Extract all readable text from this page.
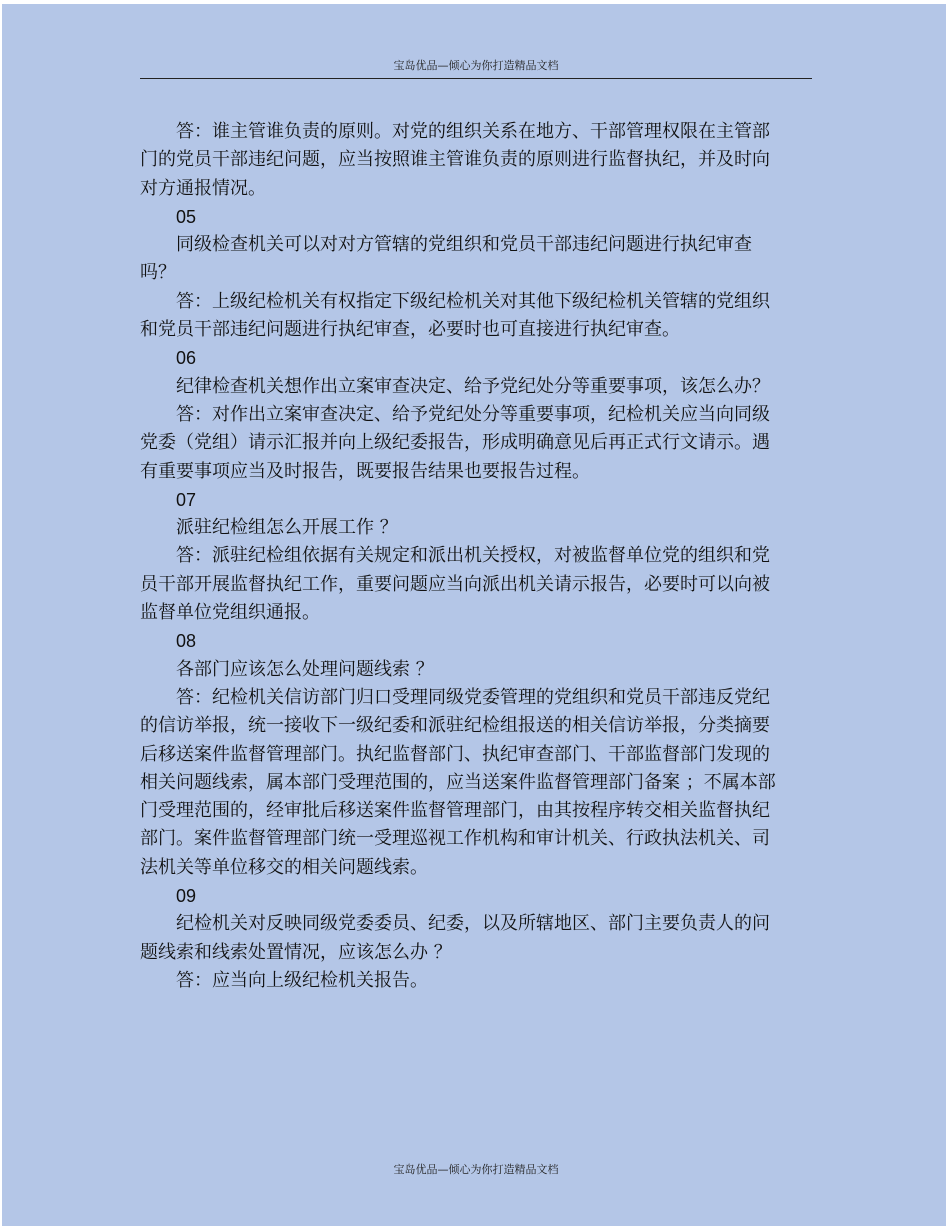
宝岛优品—倾心为你打造精品文档

答：谁主管谁负责的原则。对党的组织关系在地方、干部管理权限在主管部门的党员干部违纪问题，应当按照谁主管谁负责的原则进行监督执纪，并及时向对方通报情况。

05

同级检查机关可以对对方管辖的党组织和党员干部违纪问题进行执纪审查吗？

答：上级纪检机关有权指定下级纪检机关对其他下级纪检机关管辖的党组织和党员干部违纪问题进行执纪审查，必要时也可直接进行执纪审查。

06

纪律检查机关想作出立案审查决定、给予党纪处分等重要事项，该怎么办？

答：对作出立案审查决定、给予党纪处分等重要事项，纪检机关应当向同级党委（党组）请示汇报并向上级纪委报告，形成明确意见后再正式行文请示。遇有重要事项应当及时报告，既要报告结果也要报告过程。

07

派驻纪检组怎么开展工作 ？

答：派驻纪检组依据有关规定和派出机关授权，对被监督单位党的组织和党员干部开展监督执纪工作，重要问题应当向派出机关请示报告，必要时可以向被监督单位党组织通报。

08

各部门应该怎么处理问题线索 ？

答：纪检机关信访部门归口受理同级党委管理的党组织和党员干部违反党纪的信访举报，统一接收下一级纪委和派驻纪检组报送的相关信访举报，分类摘要后移送案件监督管理部门。执纪监督部门、执纪审查部门、干部监督部门发现的相关问题线索，属本部门受理范围的，应当送案件监督管理部门备案 ；不属本部门受理范围的，经审批后移送案件监督管理部门，由其按程序转交相关监督执纪部门。案件监督管理部门统一受理巡视工作机构和审计机关、行政执法机关、司法机关等单位移交的相关问题线索。

09

纪检机关对反映同级党委委员、纪委，以及所辖地区、部门主要负责人的问题线索和线索处置情况，应该怎么办 ？

答：应当向上级纪检机关报告。

宝岛优品—倾心为你打造精品文档
